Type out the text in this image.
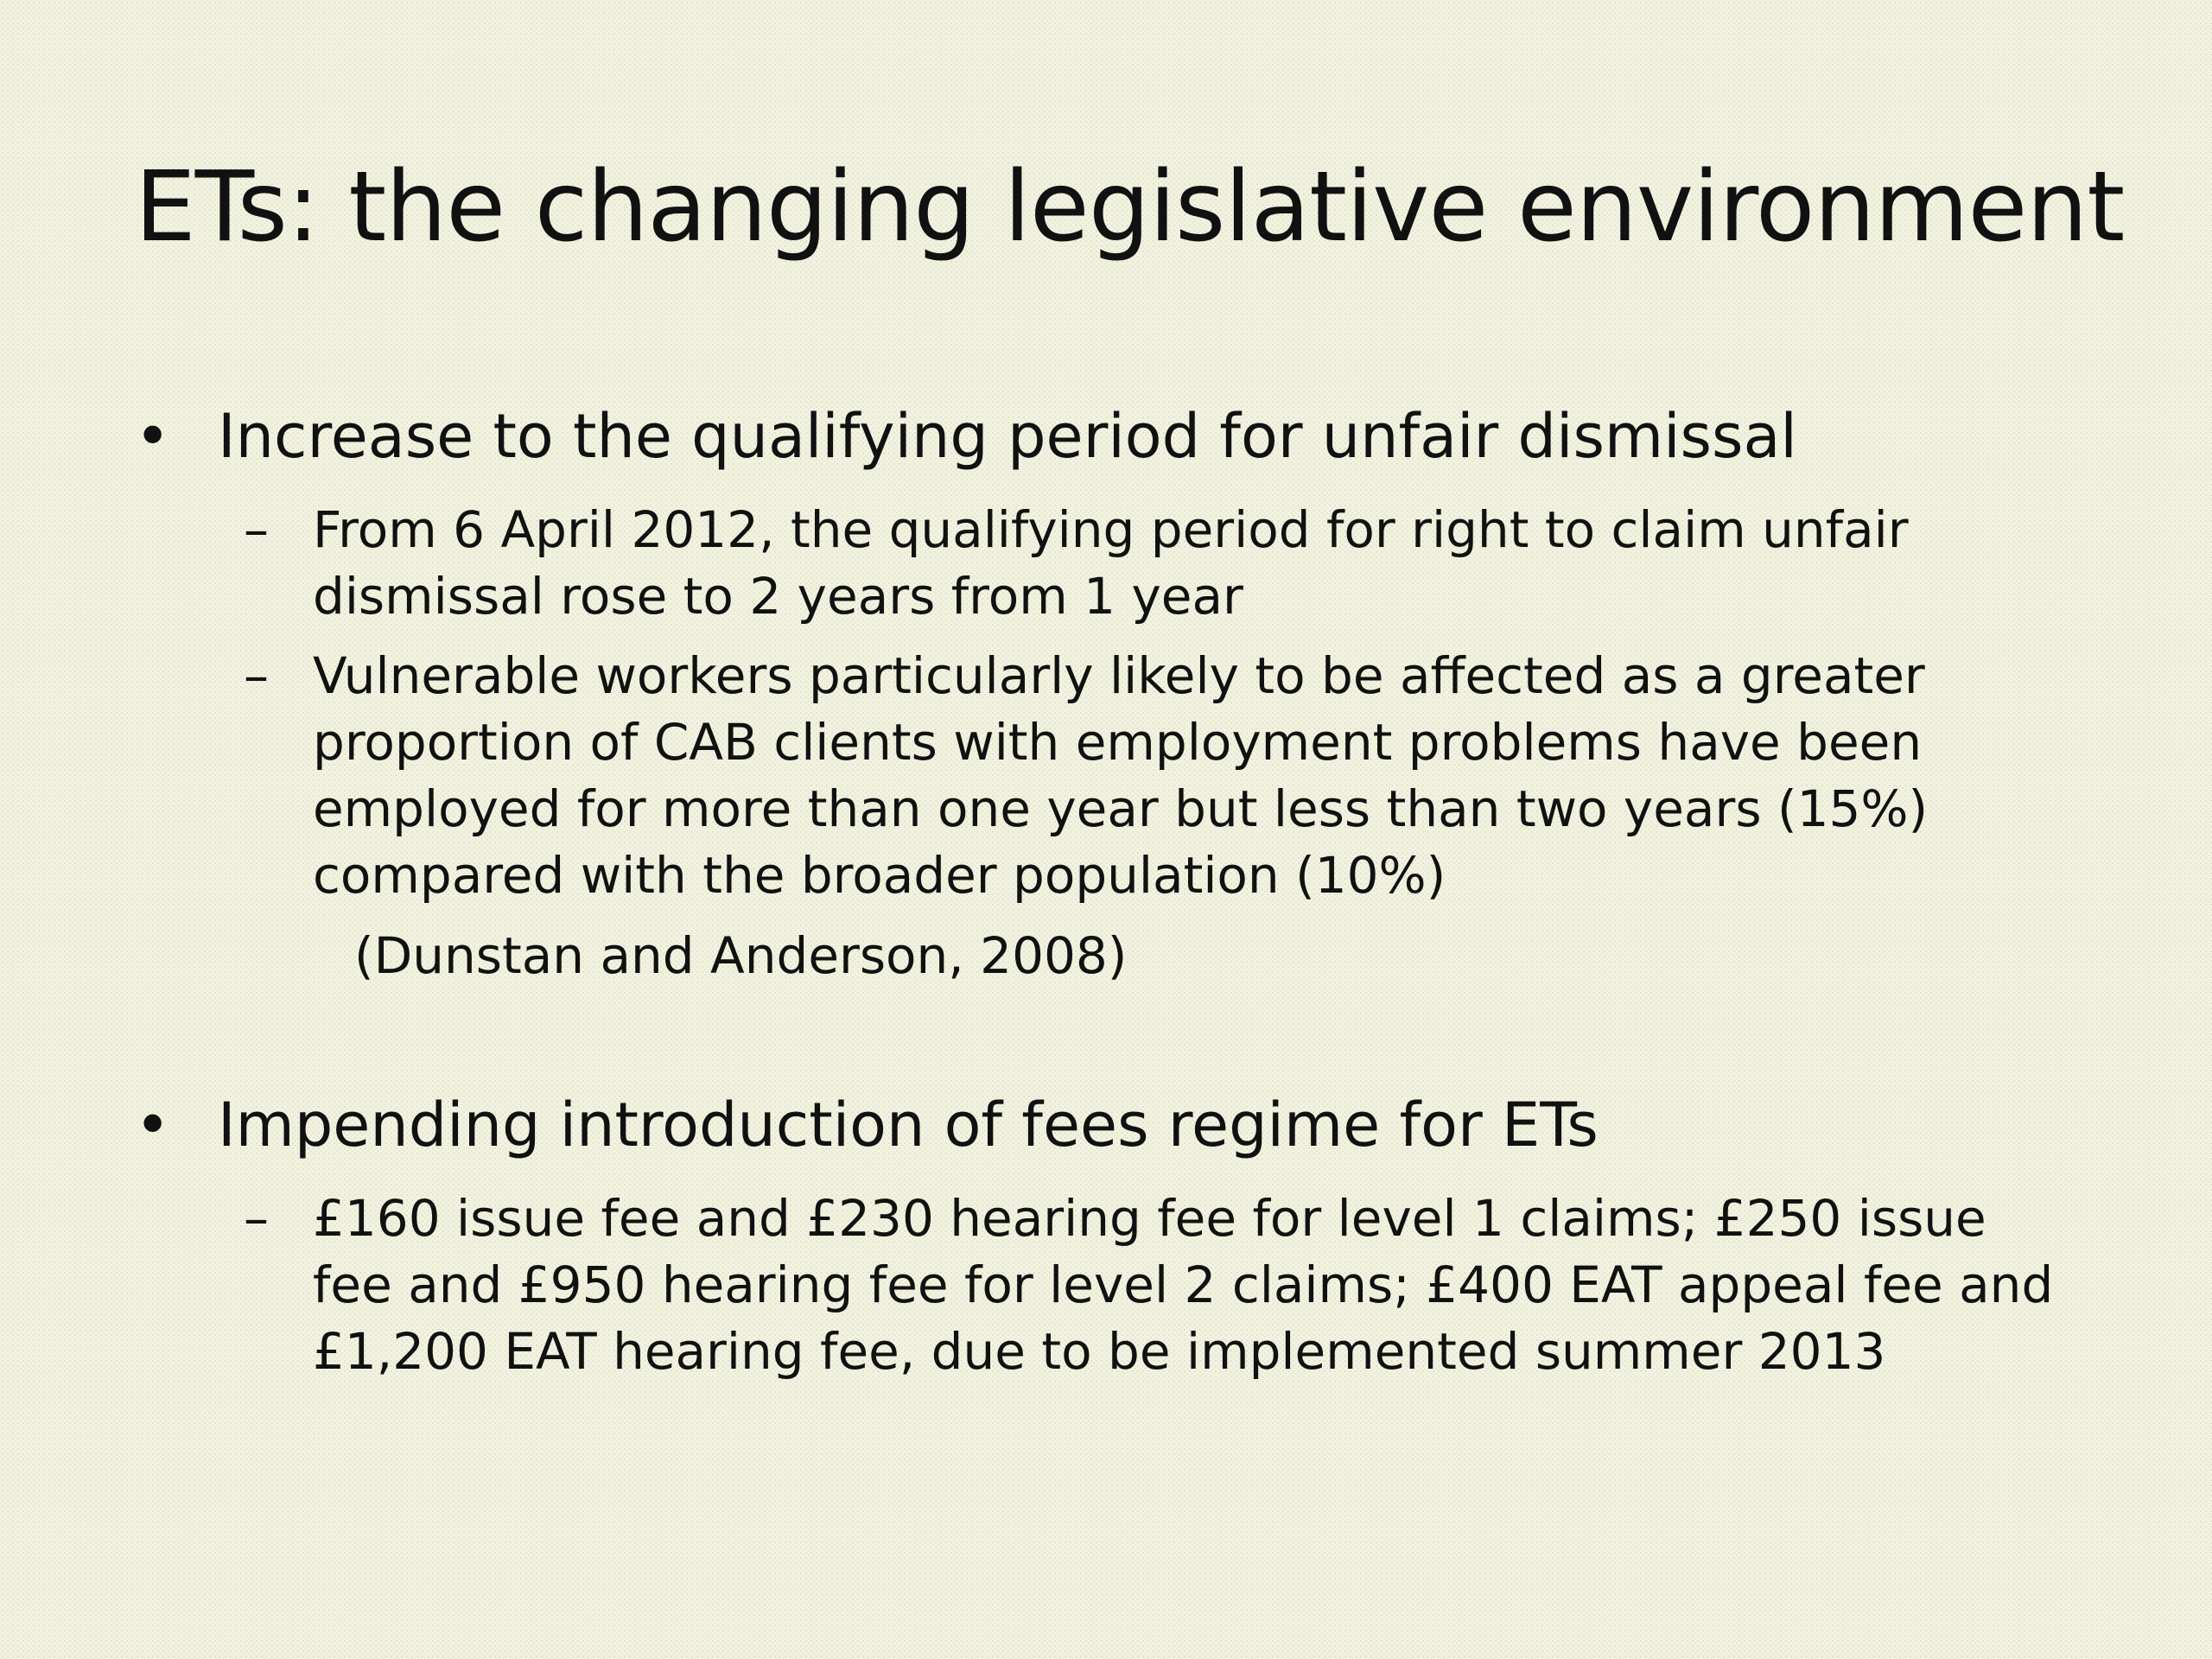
ETs: the changing legislative environment
• Increase to the qualifying period for unfair dismissal
– From 6 April 2012, the qualifying period for right to claim unfair dismissal rose to 2 years from 1 year
– Vulnerable workers particularly likely to be affected as a greater proportion of CAB clients with employment problems have been employed for more than one year but less than two years (15%) compared with the broader population (10%)
(Dunstan and Anderson, 2008)
• Impending introduction of fees regime for ETs
– £160 issue fee and £230 hearing fee for level 1 claims; £250 issue fee and £950 hearing fee for level 2 claims; £400 EAT appeal fee and £1,200 EAT hearing fee, due to be implemented summer 2013
